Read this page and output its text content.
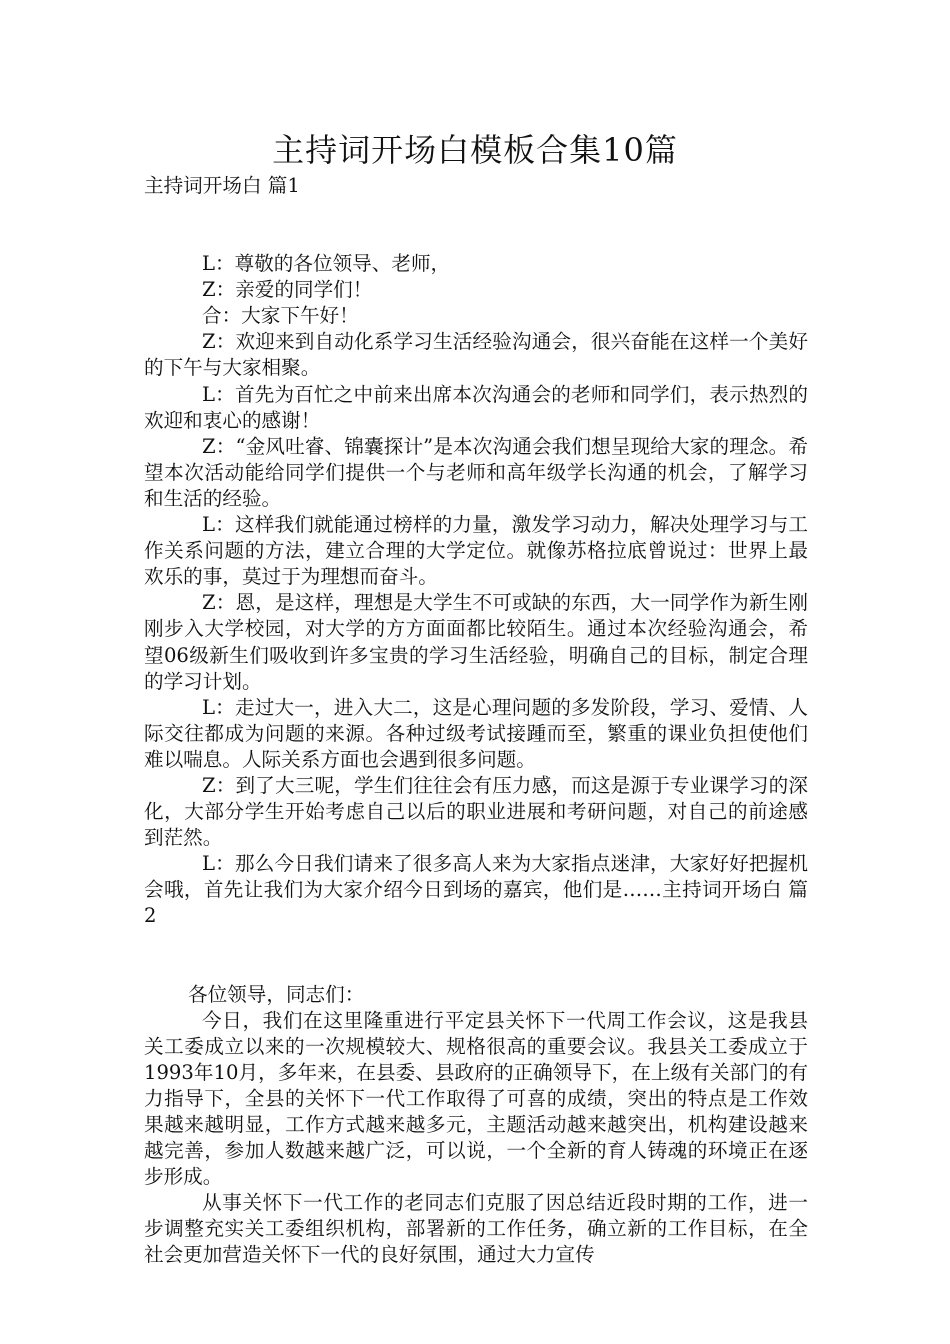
主持词开场白模板合集10篇

主持词开场白 篇1

L：尊敬的各位领导、老师，

Z：亲爱的同学们！

合：大家下午好！

Z：欢迎来到自动化系学习生活经验沟通会，很兴奋能在这样一个美好的下午与大家相聚。

L：首先为百忙之中前来出席本次沟通会的老师和同学们，表示热烈的欢迎和衷心的感谢！

Z：“金风吐睿、锦囊探计”是本次沟通会我们想呈现给大家的理念。希望本次活动能给同学们提供一个与老师和高年级学长沟通的机会，了解学习和生活的经验。

L：这样我们就能通过榜样的力量，激发学习动力，解决处理学习与工作关系问题的方法，建立合理的大学定位。就像苏格拉底曾说过：世界上最欢乐的事，莫过于为理想而奋斗。

Z：恩，是这样，理想是大学生不可或缺的东西，大一同学作为新生刚刚步入大学校园，对大学的方方面面都比较陌生。通过本次经验沟通会，希望06级新生们吸收到许多宝贵的学习生活经验，明确自己的目标，制定合理的学习计划。

L：走过大一，进入大二，这是心理问题的多发阶段，学习、爱情、人际交往都成为问题的来源。各种过级考试接踵而至，繁重的课业负担使他们难以喘息。人际关系方面也会遇到很多问题。

Z：到了大三呢，学生们往往会有压力感，而这是源于专业课学习的深化，大部分学生开始考虑自己以后的职业进展和考研问题，对自己的前途感到茫然。

L：那么今日我们请来了很多高人来为大家指点迷津，大家好好把握机会哦，首先让我们为大家介绍今日到场的嘉宾，他们是……主持词开场白 篇2

各位领导，同志们：

今日，我们在这里隆重进行平定县关怀下一代周工作会议，这是我县关工委成立以来的一次规模较大、规格很高的重要会议。我县关工委成立于1993年10月，多年来，在县委、县政府的正确领导下，在上级有关部门的有力指导下，全县的关怀下一代工作取得了可喜的成绩，突出的特点是工作效果越来越明显，工作方式越来越多元，主题活动越来越突出，机构建设越来越完善，参加人数越来越广泛，可以说，一个全新的育人铸魂的环境正在逐步形成。

从事关怀下一代工作的老同志们克服了因总结近段时期的工作，进一步调整充实关工委组织机构，部署新的工作任务，确立新的工作目标，在全社会更加营造关怀下一代的良好氛围，通过大力宣传
